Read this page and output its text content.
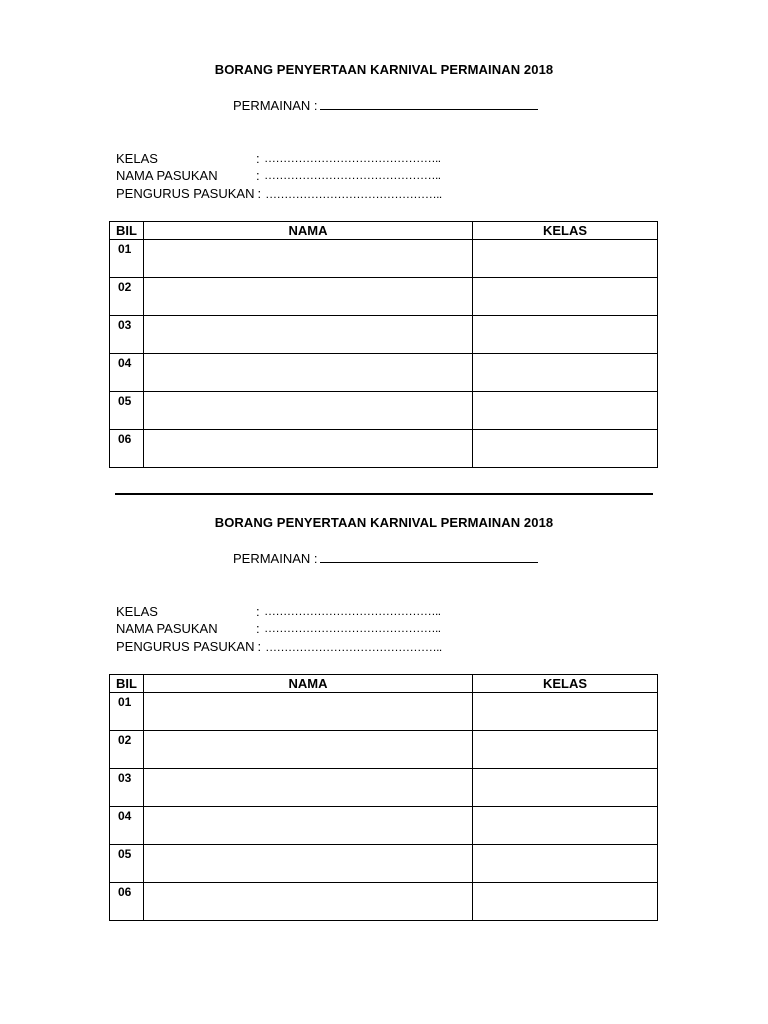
BORANG PENYERTAAN KARNIVAL PERMAINAN 2018
PERMAINAN :
KELAS	: ………………………………………..
NAMA PASUKAN	: ………………………………………..
PENGURUS PASUKAN : ………………………………………..
BIL	NAMA	KELAS
01		
02		
03		
04		
05		
06		
BORANG PENYERTAAN KARNIVAL PERMAINAN 2018
PERMAINAN :
KELAS	: ………………………………………..
NAMA PASUKAN	: ………………………………………..
PENGURUS PASUKAN : ………………………………………..
BIL	NAMA	KELAS
01		
02		
03		
04		
05		
06		
